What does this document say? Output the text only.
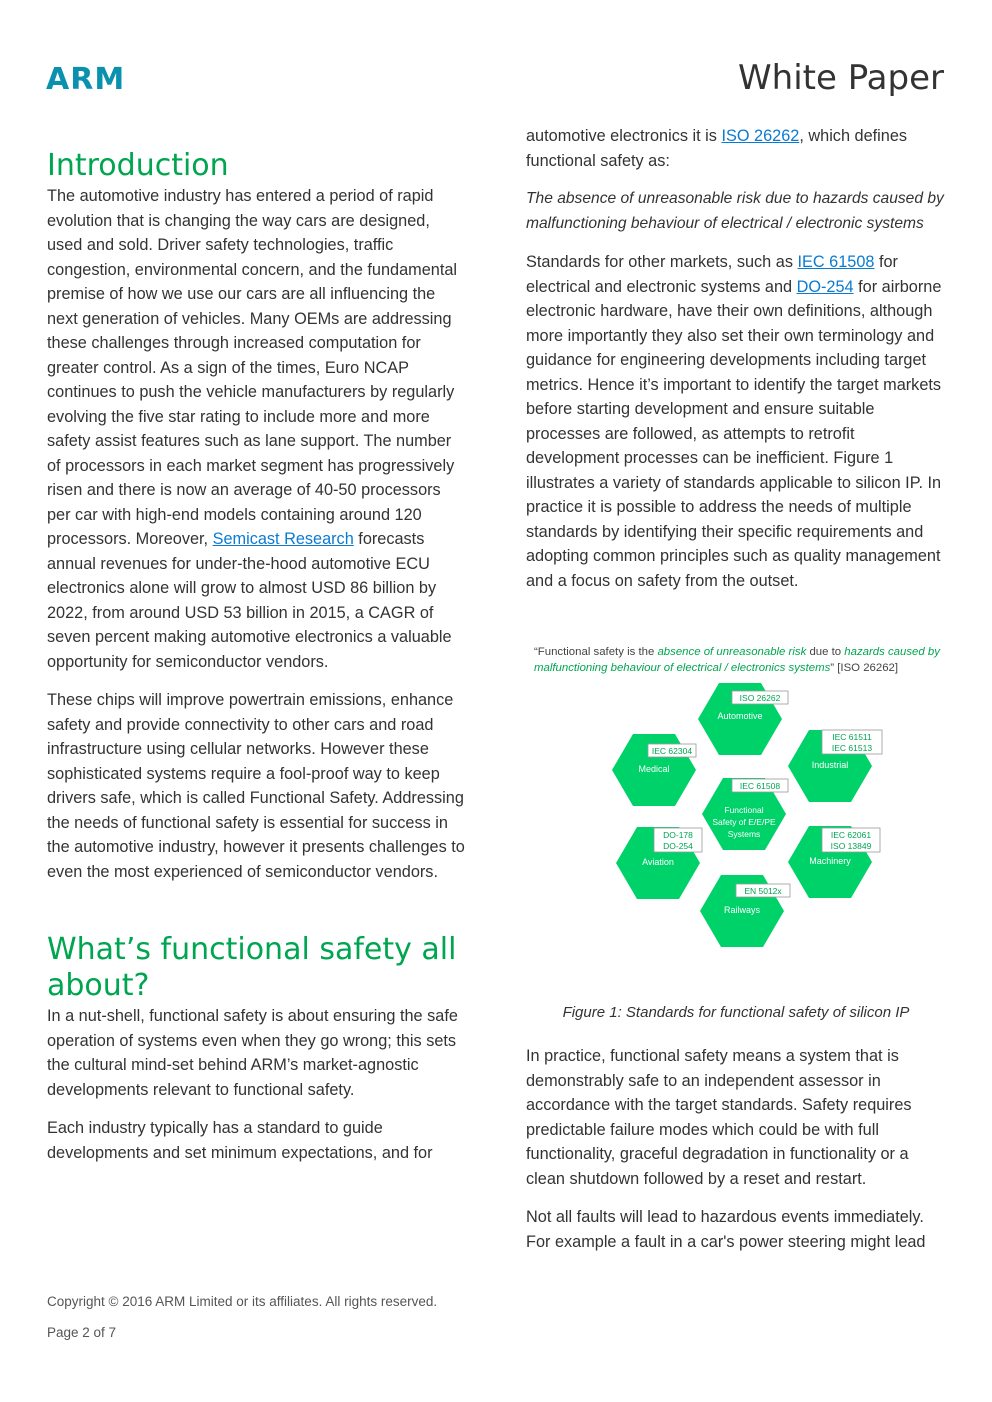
ARM	White Paper
Introduction

The automotive industry has entered a period of rapid evolution that is changing the way cars are designed, used and sold. Driver safety technologies, traffic congestion, environmental concern, and the fundamental premise of how we use our cars are all influencing the next generation of vehicles. Many OEMs are addressing these challenges through increased computation for greater control. As a sign of the times, Euro NCAP continues to push the vehicle manufacturers by regularly evolving the five star rating to include more and more safety assist features such as lane support. The number of processors in each market segment has progressively risen and there is now an average of 40-50 processors per car with high-end models containing around 120 processors. Moreover, Semicast Research forecasts annual revenues for under-the-hood automotive ECU electronics alone will grow to almost USD 86 billion by 2022, from around USD 53 billion in 2015, a CAGR of seven percent making automotive electronics a valuable opportunity for semiconductor vendors.

These chips will improve powertrain emissions, enhance safety and provide connectivity to other cars and road infrastructure using cellular networks. However these sophisticated systems require a fool-proof way to keep drivers safe, which is called Functional Safety. Addressing the needs of functional safety is essential for success in the automotive industry, however it presents challenges to even the most experienced of semiconductor vendors.

What’s functional safety all about?

In a nut-shell, functional safety is about ensuring the safe operation of systems even when they go wrong; this sets the cultural mind-set behind ARM’s market-agnostic developments relevant to functional safety.

Each industry typically has a standard to guide developments and set minimum expectations, and for

automotive electronics it is ISO 26262, which defines functional safety as:

The absence of unreasonable risk due to hazards caused by malfunctioning behaviour of electrical / electronic systems

Standards for other markets, such as IEC 61508 for electrical and electronic systems and DO-254 for airborne electronic hardware, have their own definitions, although more importantly they also set their own terminology and guidance for engineering developments including target metrics. Hence it’s important to identify the target markets before starting development and ensure suitable processes are followed, as attempts to retrofit development processes can be inefficient. Figure 1 illustrates a variety of standards applicable to silicon IP. In practice it is possible to address the needs of multiple standards by identifying their specific requirements and adopting common principles such as quality management and a focus on safety from the outset.

“Functional safety is the absence of unreasonable risk due to hazards caused by malfunctioning behaviour of electrical / electronics systems” [ISO 26262]

Automotive
ISO 26262
Medical
IEC 62304
Industrial
IEC 61511
IEC 61513
Functional
Safety of E/E/PE
Systems
IEC 61508
Aviation
DO-178
DO-254
Machinery
IEC 62061
ISO 13849
Railways
EN 5012x
Figure 1: Standards for functional safety of silicon IP

In practice, functional safety means a system that is demonstrably safe to an independent assessor in accordance with the target standards. Safety requires predictable failure modes which could be with full functionality, graceful degradation in functionality or a clean shutdown followed by a reset and restart.

Not all faults will lead to hazardous events immediately. For example a fault in a car's power steering might lead

Copyright © 2016 ARM Limited or its affiliates. All rights reserved.
Page 2 of 7
